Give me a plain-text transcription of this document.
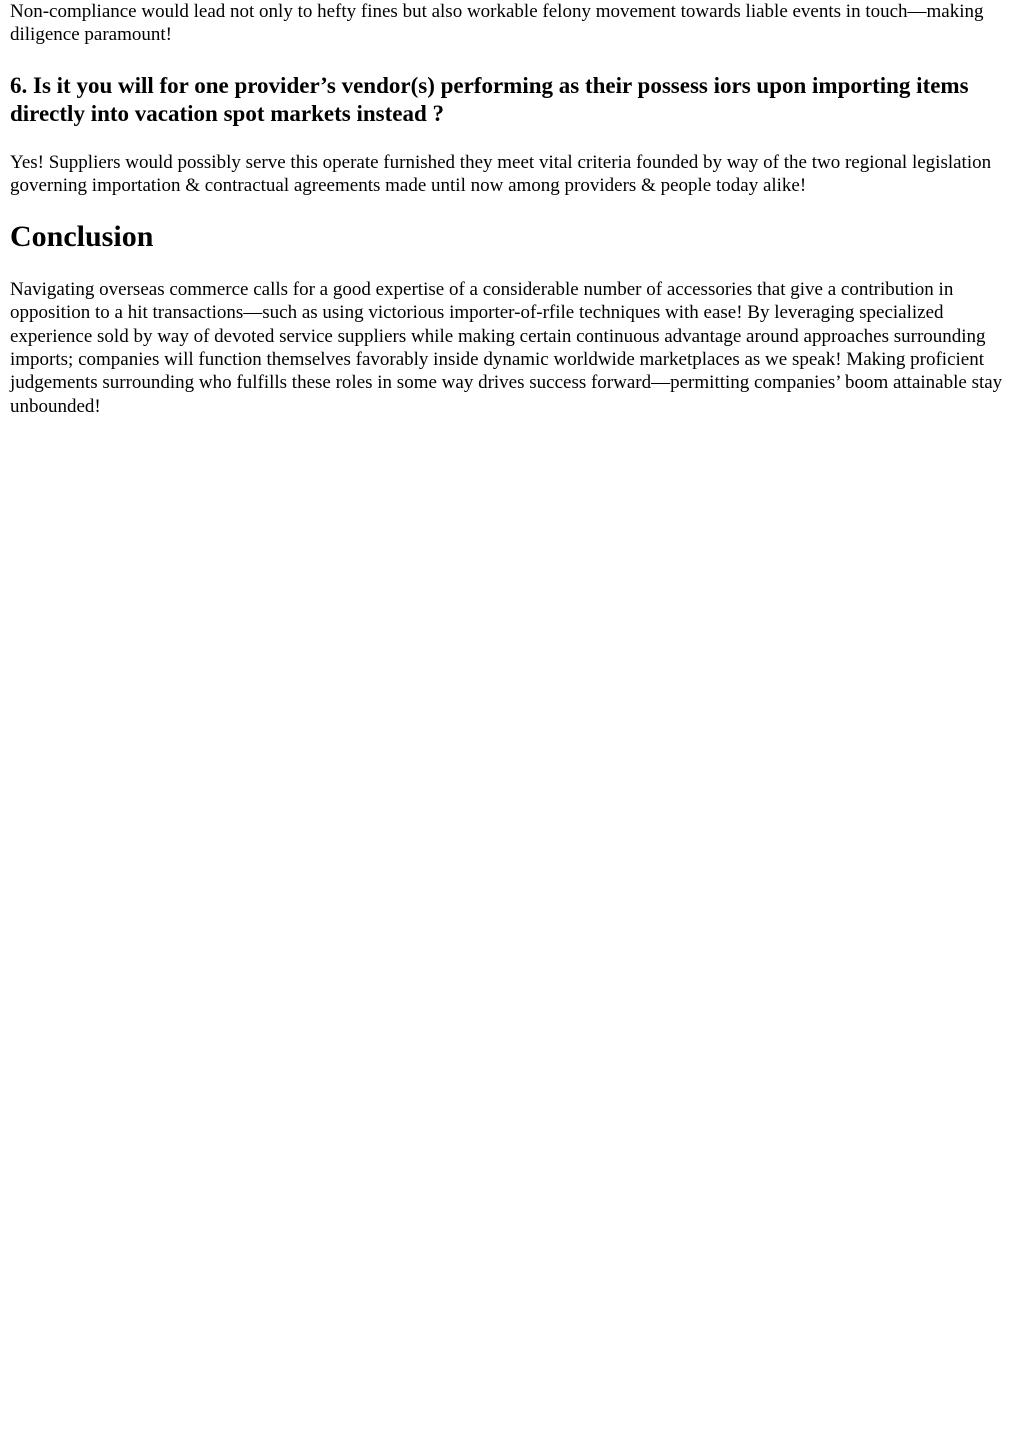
Non-compliance would lead not only to hefty fines but also workable felony movement towards liable events in touch—making diligence paramount!

6. Is it you will for one provider’s vendor(s) performing as their possess iors upon importing items directly into vacation spot markets instead ?

Yes! Suppliers would possibly serve this operate furnished they meet vital criteria founded by way of the two regional legislation governing importation & contractual agreements made until now among providers & people today alike!

Conclusion

Navigating overseas commerce calls for a good expertise of a considerable number of accessories that give a contribution in opposition to a hit transactions—such as using victorious importer-of-rfile techniques with ease! By leveraging specialized experience sold by way of devoted service suppliers while making certain continuous advantage around approaches surrounding imports; companies will function themselves favorably inside dynamic worldwide marketplaces as we speak! Making proficient judgements surrounding who fulfills these roles in some way drives success forward—permitting companies’ boom attainable stay unbounded!
